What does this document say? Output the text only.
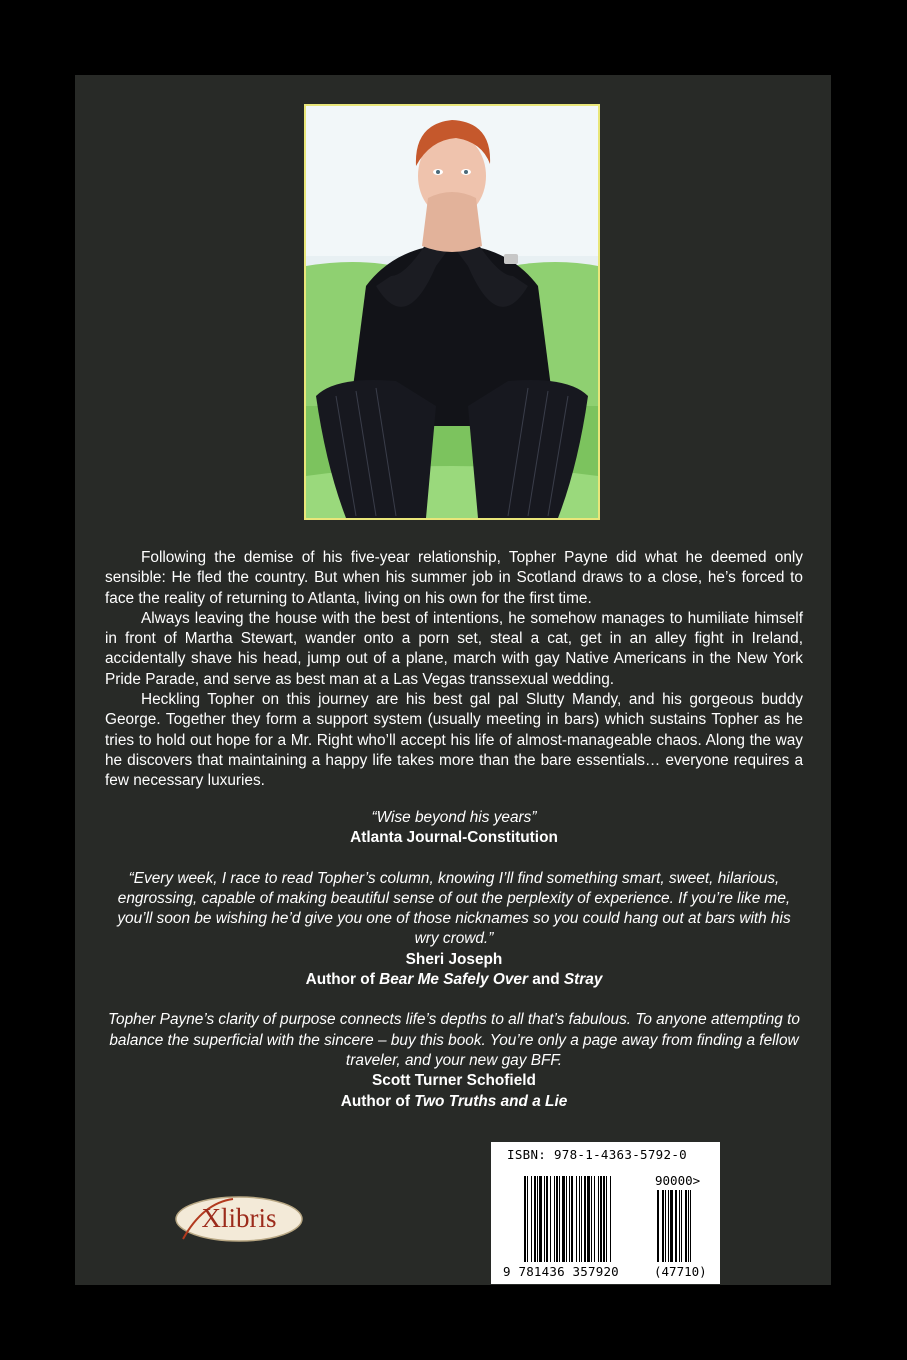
Following the demise of his five-year relationship, Topher Payne did what he deemed only sensible: He fled the country. But when his summer job in Scotland draws to a close, he’s forced to face the reality of returning to Atlanta, living on his own for the first time.

Always leaving the house with the best of intentions, he somehow manages to humiliate himself in front of Martha Stewart, wander onto a porn set, steal a cat, get in an alley fight in Ireland, accidentally shave his head, jump out of a plane, march with gay Native Americans in the New York Pride Parade, and serve as best man at a Las Vegas transsexual wedding.

Heckling Topher on this journey are his best gal pal Slutty Mandy, and his gorgeous buddy George. Together they form a support system (usually meeting in bars) which sustains Topher as he tries to hold out hope for a Mr. Right who’ll accept his life of almost-manageable chaos. Along the way he discovers that maintaining a happy life takes more than the bare essentials… everyone requires a few necessary luxuries.

“Wise beyond his years”
Atlanta Journal-Constitution
“Every week, I race to read Topher’s column, knowing I’ll find something smart, sweet, hilarious, engrossing, capable of making beautiful sense of out the perplexity of experience. If you’re like me, you’ll soon be wishing he’d give you one of those nicknames so you could hang out at bars with his wry crowd.”
Sheri Joseph
Author of Bear Me Safely Over and Stray
Topher Payne’s clarity of purpose connects life’s depths to all that’s fabulous. To anyone attempting to balance the superficial with the sincere – buy this book. You’re only a page away from finding a fellow traveler, and your new gay BFF.
Scott Turner Schofield
Author of Two Truths and a Lie
Xlibris
ISBN: 978-1-4363-5792-0
90000>
9 781436 357920	(47710)
